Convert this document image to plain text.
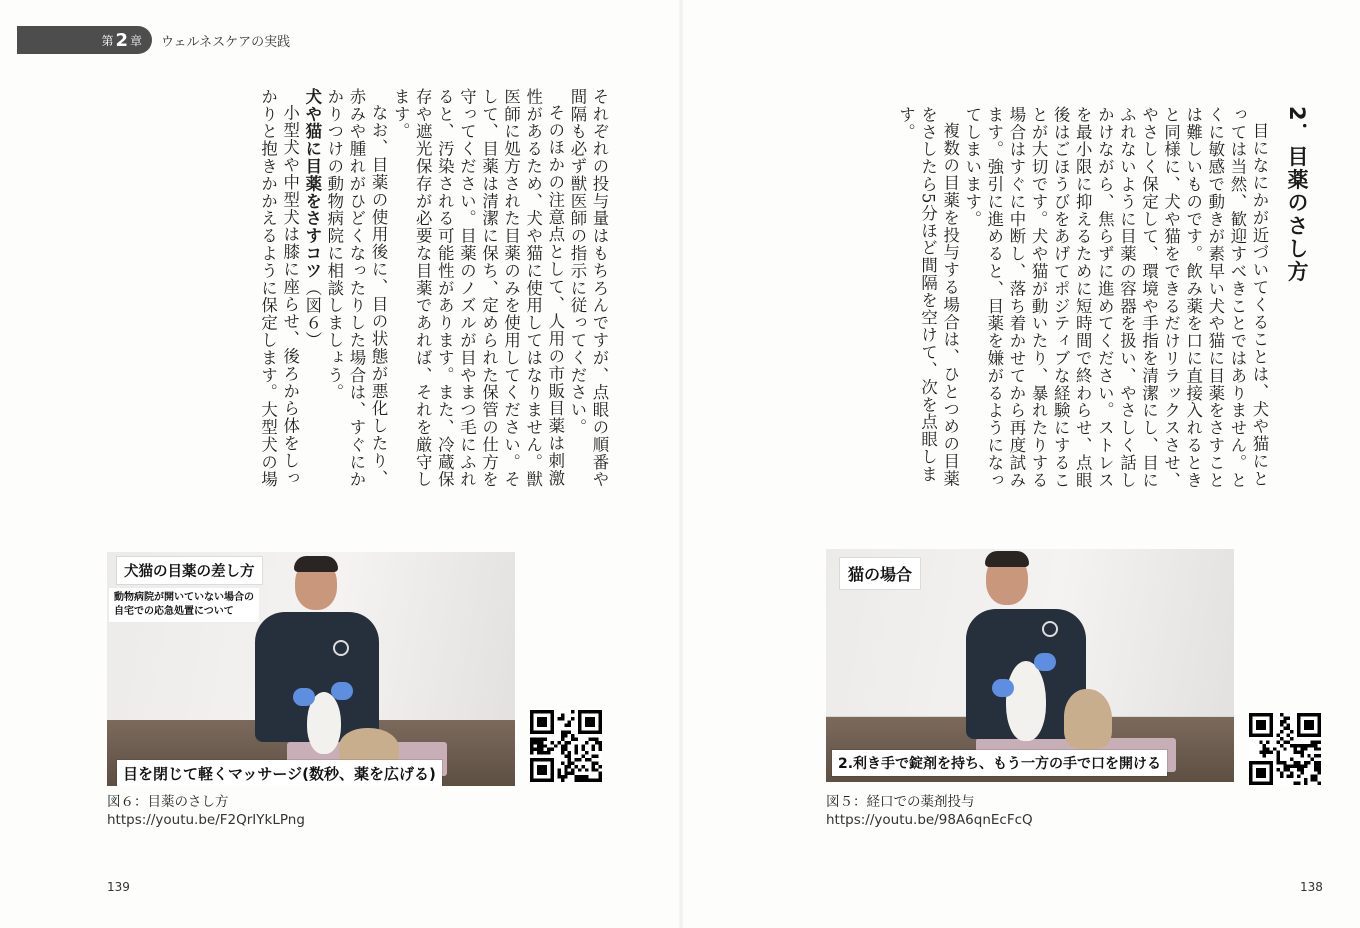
第 2 章 ウェルネスケアの実践
2．目薬のさし方

目になにかが近づいてくることは、犬や猫にとっては当然、歓迎すべきことではありません。とくに敏感で動きが素早い犬や猫に目薬をさすことは難しいものです。飲み薬を口に直接入れるときと同様に、犬や猫をできるだけリラックスさせ、やさしく保定して、環境や手指を清潔にし、目にふれないように目薬の容器を扱い、やさしく話しかけながら、焦らずに進めてください。ストレスを最小限に抑えるために短時間で終わらせ、点眼後はごほうびをあげてポジティブな経験にすることが大切です。犬や猫が動いたり、暴れたりする場合はすぐに中断し、落ち着かせてから再度試みます。強引に進めると、目薬を嫌がるようになってしまいます。

複数の目薬を投与する場合は、ひとつめの目薬をさしたら5分ほど間隔を空けて、次を点眼します。

猫の場合
2.利き手で錠剤を持ち、もう一方の手で口を開ける
図５：経口での薬剤投与
https://youtu.be/98A6qnEcFcQ
138

それぞれの投与量はもちろんですが、点眼の順番や間隔も必ず獣医師の指示に従ってください。

そのほかの注意点として、人用の市販目薬は刺激性があるため、犬や猫に使用してはなりません。獣医師に処方された目薬のみを使用してください。そして、目薬は清潔に保ち、定められた保管の仕方を守ってください。目薬のノズルが目やまつ毛にふれると、汚染される可能性があります。また、冷蔵保存や遮光保存が必要な目薬であれば、それを厳守します。

なお、目薬の使用後に、目の状態が悪化したり、赤みや腫れがひどくなったりした場合は、すぐにかかりつけの動物病院に相談しましょう。

犬や猫に目薬をさすコツ（図６）

小型犬や中型犬は膝に座らせ、後ろから体をしっかりと抱きかかえるように保定します。大型犬の場

犬猫の目薬の差し方
動物病院が開いていない場合の
自宅での応急処置について
目を閉じて軽くマッサージ(数秒、薬を広げる)
図６：目薬のさし方
https://youtu.be/F2QrIYkLPng
139
